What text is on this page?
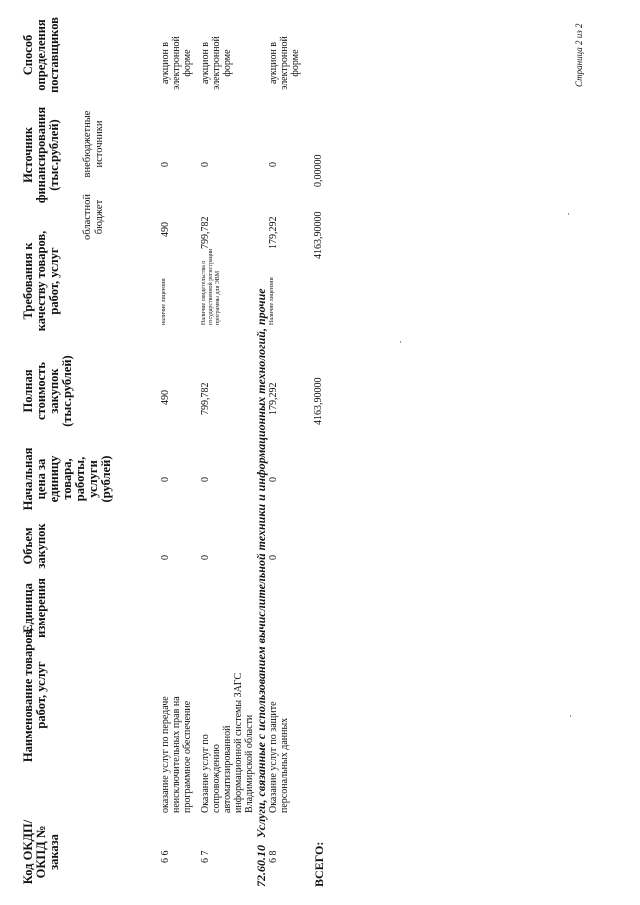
Код ОКДП/ ОКПД № заказа
Наименование товаров, работ, услуг
Единица измерения
Объем закупок
Начальная цена за единицу товара, работы, услуги (рублей)
Полная стоимость закупок (тыс.рублей)
Требования к качеству товаров, работ, услуг
Источник финансирования (тыс.рублей)
областной бюджет
внебюджетные источники
Способ определения поставщиков
6 6
оказание услуг по передаче неисключительных прав на программное обеспечение
0
0
490
наличие лицензии
490
0
аукцион в электронной форме
6 7
Оказание услуг по сопровождению автоматизированной информационной системы ЗАГС Владимирской области
0
0
799,782
Наличие свидетельства о государственной регистрации программы для ЭВМ
799,782
0
аукцион в электронной форме
72.60.10 Услуги, связанные с использованием вычислительной техники и информационных технологий, прочие
6 8
Оказание услуг по защите персональных данных
0
0
179,292
Наличие лицензии
179,292
0
аукцион в электронной форме
ВСЕГО:
4163,90000
4163,90000
0,00000
Страница 2 из 2
